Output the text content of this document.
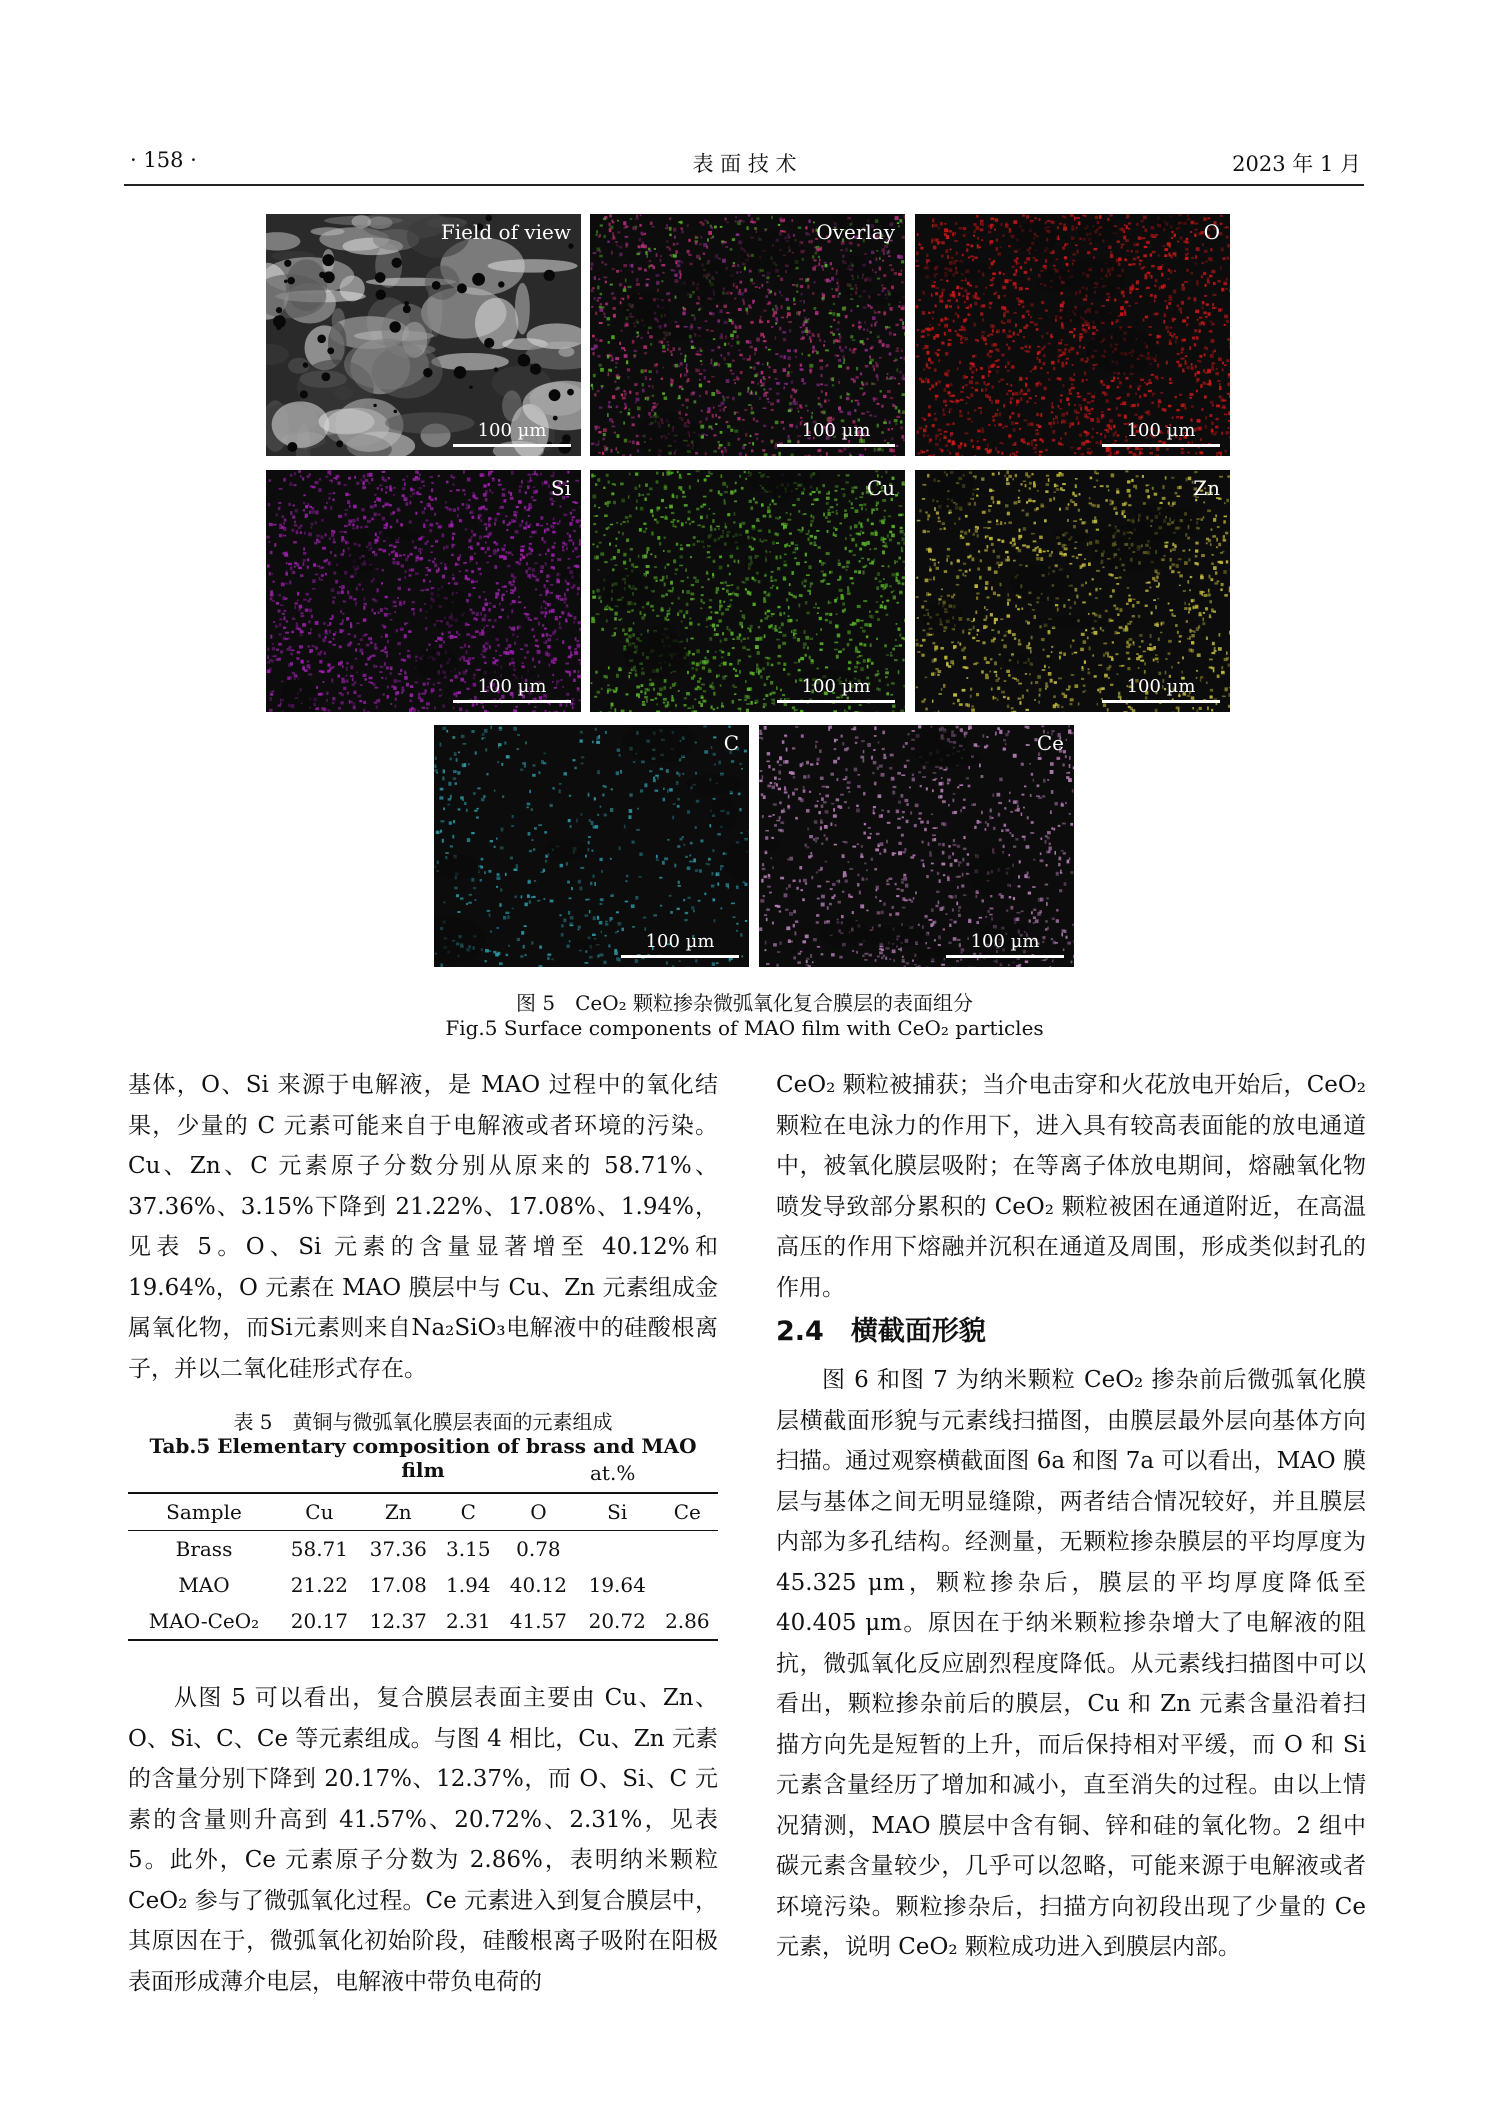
· 158 ·	表 面 技 术	2023 年 1 月
Field of view
100 µm
Overlay
100 µm
O
100 µm
Si
100 µm
Cu
100 µm
Zn
100 µm
C
100 µm
Ce
100 µm
图 5　CeO₂ 颗粒掺杂微弧氧化复合膜层的表面组分
Fig.5 Surface components of MAO film with CeO₂ particles

基体，O、Si 来源于电解液，是 MAO 过程中的氧化结果，少量的 C 元素可能来自于电解液或者环境的污染。Cu、Zn、C 元素原子分数分别从原来的 58.71%、37.36%、3.15%下降到 21.22%、17.08%、1.94%，见表 5。O、Si 元素的含量显著增至 40.12%和 19.64%，O 元素在 MAO 膜层中与 Cu、Zn 元素组成金属氧化物，而Si元素则来自Na₂SiO₃电解液中的硅酸根离子，并以二氧化硅形式存在。

表 5　黄铜与微弧氧化膜层表面的元素组成
Tab.5 Elementary composition of brass and MAO film	at.%
Sample	Cu	Zn	C	O	Si	Ce
Brass	58.71	37.36	3.15	0.78		
MAO	21.22	17.08	1.94	40.12	19.64	
MAO-CeO₂	20.17	12.37	2.31	41.57	20.72	2.86

从图 5 可以看出，复合膜层表面主要由 Cu、Zn、O、Si、C、Ce 等元素组成。与图 4 相比，Cu、Zn 元素的含量分别下降到 20.17%、12.37%，而 O、Si、C 元素的含量则升高到 41.57%、20.72%、2.31%，见表 5。此外，Ce 元素原子分数为 2.86%，表明纳米颗粒 CeO₂ 参与了微弧氧化过程。Ce 元素进入到复合膜层中，其原因在于，微弧氧化初始阶段，硅酸根离子吸附在阳极表面形成薄介电层，电解液中带负电荷的

CeO₂ 颗粒被捕获；当介电击穿和火花放电开始后，CeO₂ 颗粒在电泳力的作用下，进入具有较高表面能的放电通道中，被氧化膜层吸附；在等离子体放电期间，熔融氧化物喷发导致部分累积的 CeO₂ 颗粒被困在通道附近，在高温高压的作用下熔融并沉积在通道及周围，形成类似封孔的作用。

2.4　横截面形貌

图 6 和图 7 为纳米颗粒 CeO₂ 掺杂前后微弧氧化膜层横截面形貌与元素线扫描图，由膜层最外层向基体方向扫描。通过观察横截面图 6a 和图 7a 可以看出，MAO 膜层与基体之间无明显缝隙，两者结合情况较好，并且膜层内部为多孔结构。经测量，无颗粒掺杂膜层的平均厚度为 45.325 μm，颗粒掺杂后，膜层的平均厚度降低至 40.405 μm。原因在于纳米颗粒掺杂增大了电解液的阻抗，微弧氧化反应剧烈程度降低。从元素线扫描图中可以看出，颗粒掺杂前后的膜层，Cu 和 Zn 元素含量沿着扫描方向先是短暂的上升，而后保持相对平缓，而 O 和 Si 元素含量经历了增加和减小，直至消失的过程。由以上情况猜测，MAO 膜层中含有铜、锌和硅的氧化物。2 组中碳元素含量较少，几乎可以忽略，可能来源于电解液或者环境污染。颗粒掺杂后，扫描方向初段出现了少量的 Ce 元素，说明 CeO₂ 颗粒成功进入到膜层内部。
